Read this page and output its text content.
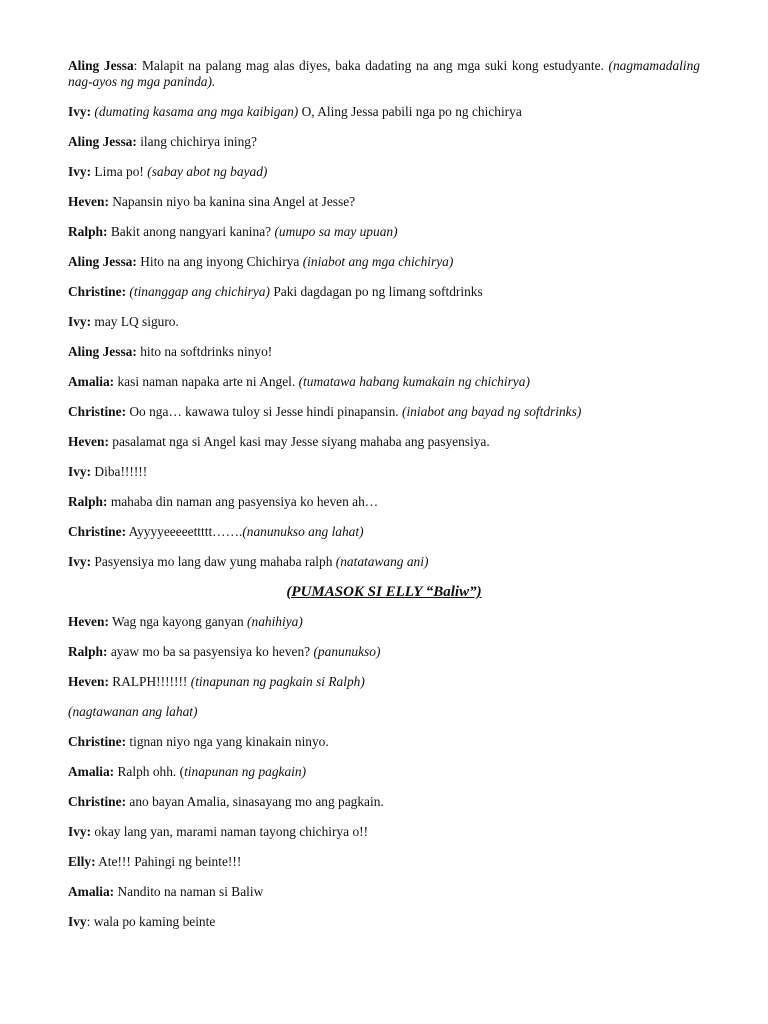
Aling Jessa: Malapit na palang mag alas diyes, baka dadating na ang mga suki kong estudyante. (nagmamadaling nag-ayos ng mga paninda).
Ivy: (dumating kasama ang mga kaibigan) O, Aling Jessa pabili nga po ng chichirya
Aling Jessa: ilang chichirya ining?
Ivy: Lima po! (sabay abot ng bayad)
Heven: Napansin niyo ba kanina sina Angel at Jesse?
Ralph: Bakit anong nangyari kanina? (umupo sa may upuan)
Aling Jessa: Hito na ang inyong Chichirya (iniabot ang mga chichirya)
Christine: (tinanggap ang chichirya) Paki dagdagan po ng limang softdrinks
Ivy: may LQ siguro.
Aling Jessa: hito na softdrinks ninyo!
Amalia: kasi naman napaka arte ni Angel. (tumatawa habang kumakain ng chichirya)
Christine: Oo nga… kawawa tuloy si Jesse hindi pinapansin. (iniabot ang bayad ng softdrinks)
Heven: pasalamat nga si Angel kasi may Jesse siyang mahaba ang pasyensiya.
Ivy: Diba!!!!!!
Ralph: mahaba din naman ang pasyensiya ko heven ah…
Christine: Ayyyyeeeeettttt…….(nanunukso ang lahat)
Ivy: Pasyensiya mo lang daw yung mahaba ralph (natatawang ani)
(PUMASOK SI ELLY “Baliw”)
Heven: Wag nga kayong ganyan (nahihiya)
Ralph: ayaw mo ba sa pasyensiya ko heven? (panunukso)
Heven: RALPH!!!!!!! (tinapunan ng pagkain si Ralph)
(nagtawanan ang lahat)
Christine: tignan niyo nga yang kinakain ninyo.
Amalia: Ralph ohh. (tinapunan ng pagkain)
Christine: ano bayan Amalia, sinasayang mo ang pagkain.
Ivy: okay lang yan, marami naman tayong chichirya o!!
Elly: Ate!!! Pahingi ng beinte!!!
Amalia: Nandito na naman si Baliw
Ivy: wala po kaming beinte
